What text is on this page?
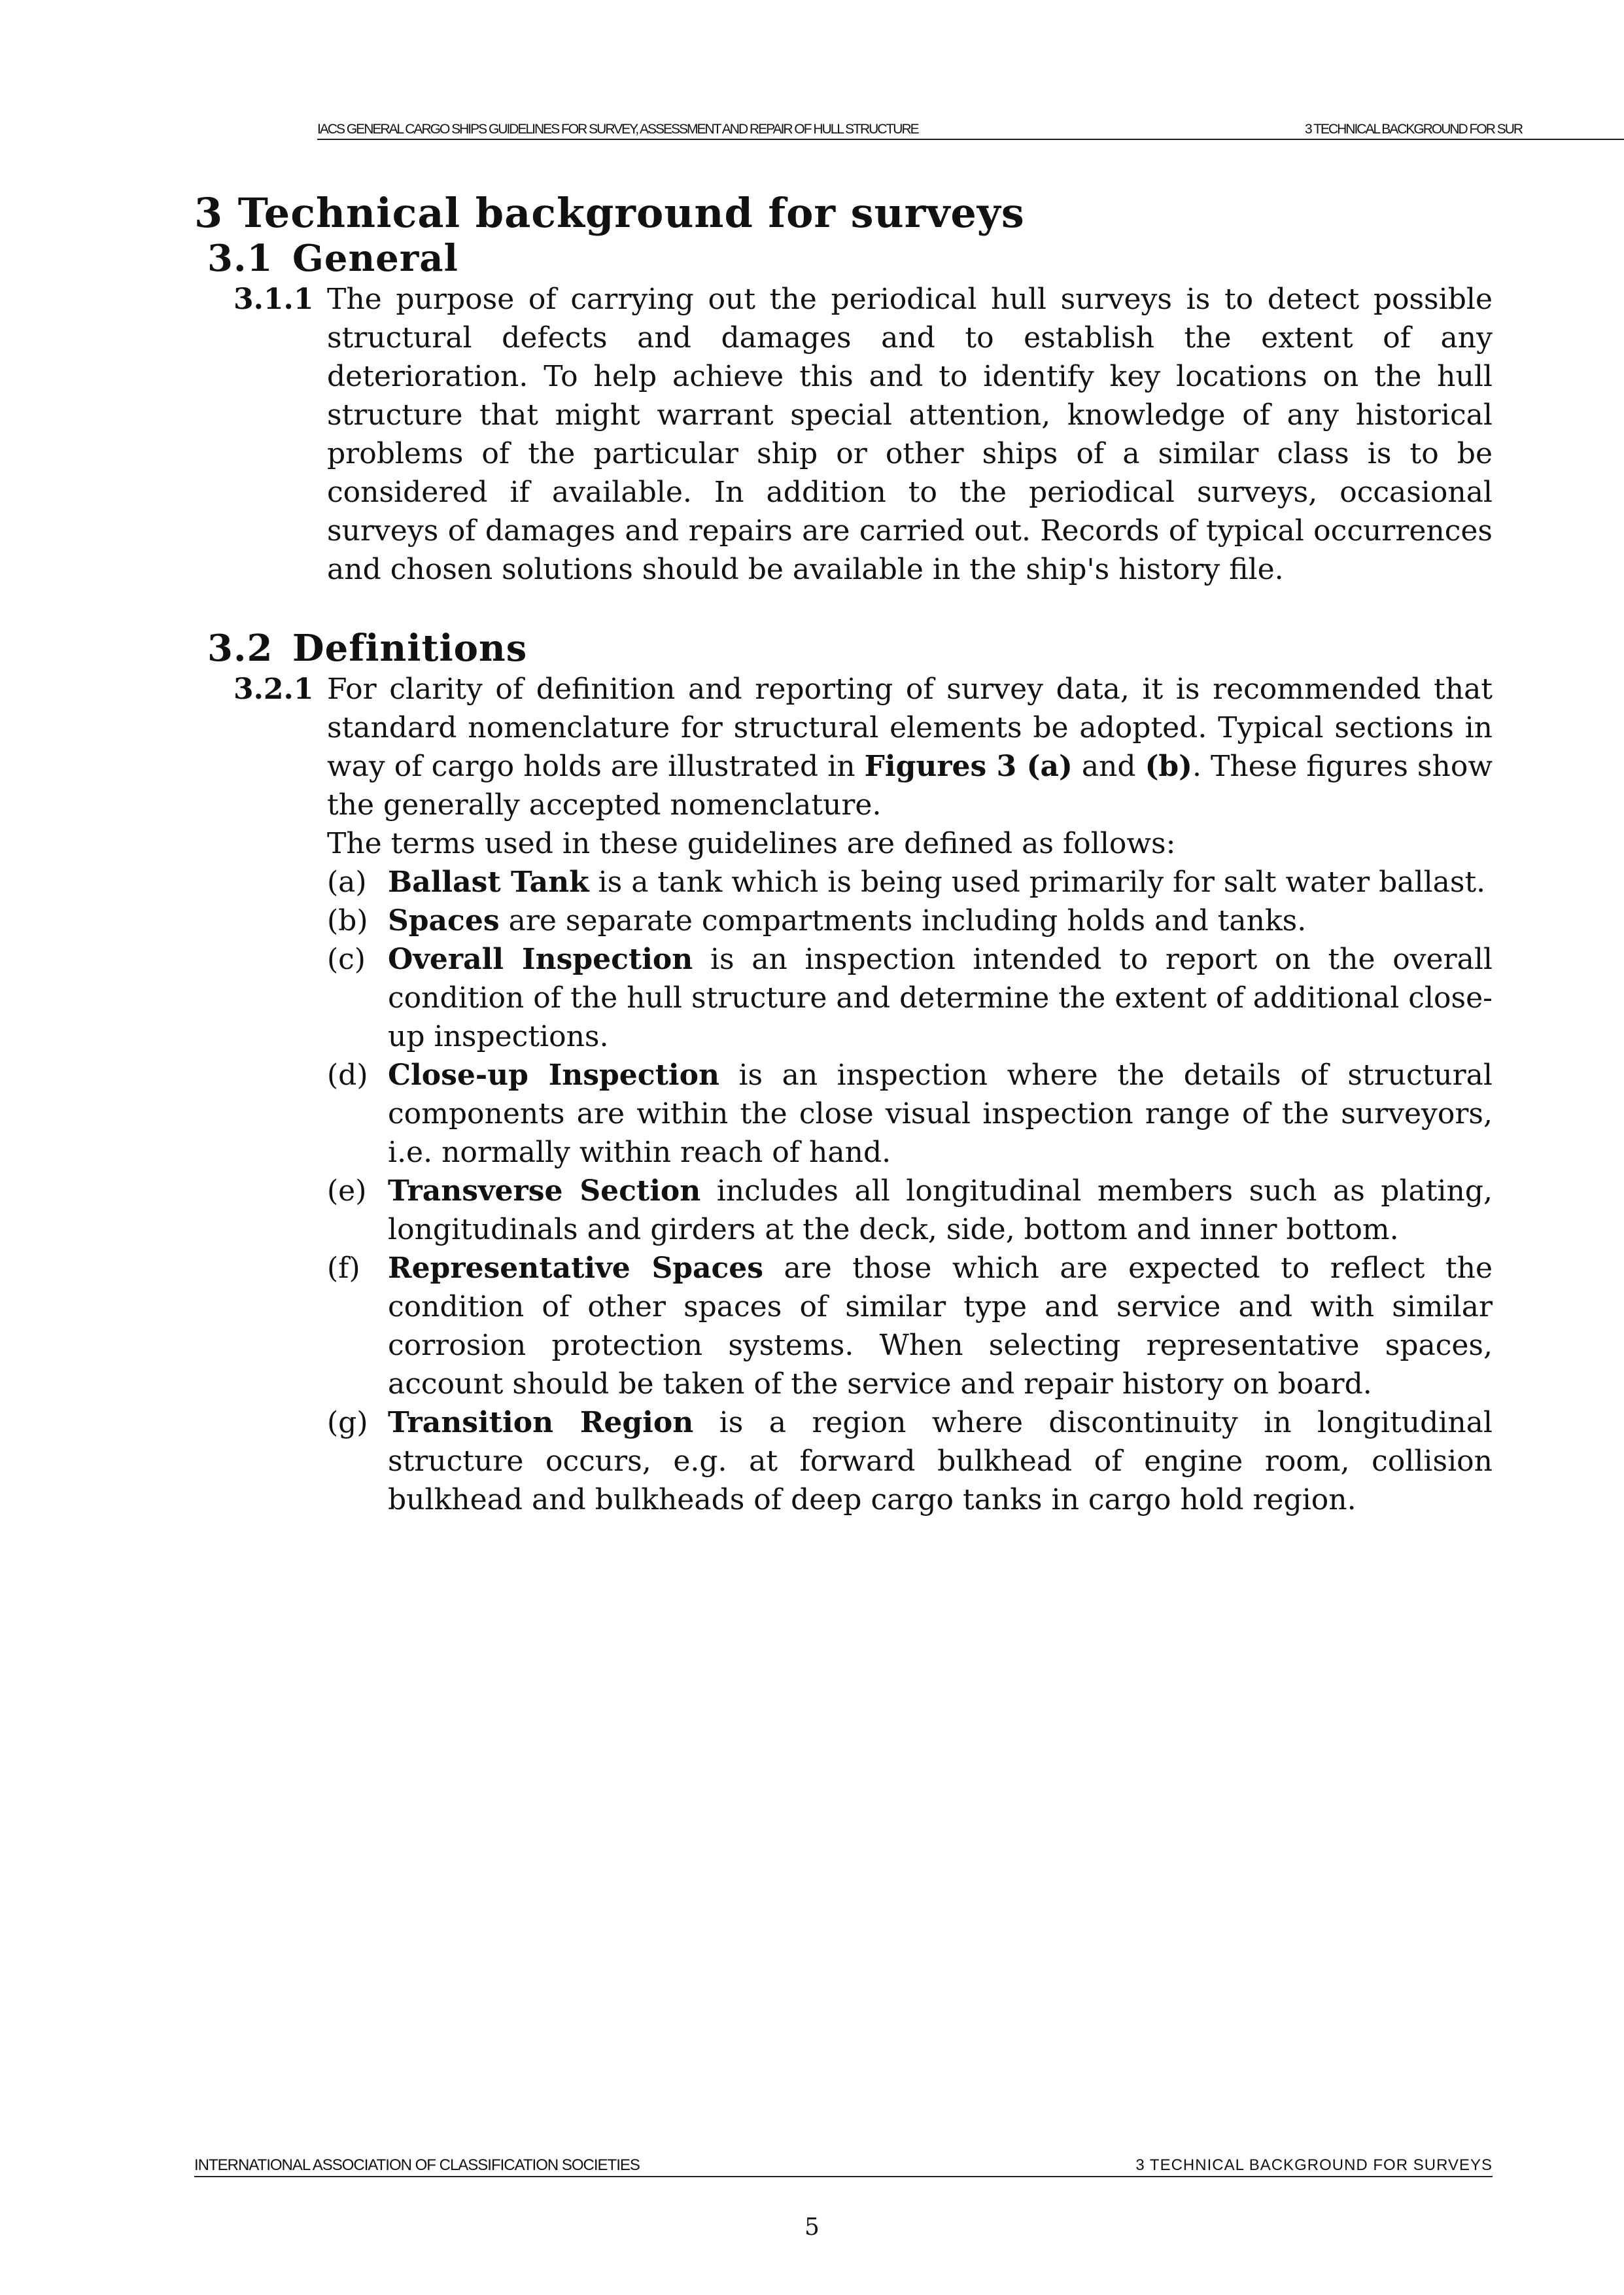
IACS GENERAL CARGO SHIPS GUIDELINES FOR SURVEY, ASSESSMENT AND REPAIR OF HULL STRUCTURE	3 TECHNICAL BACKGROUND FOR SUR
3 Technical background for surveys
3.1 General

3.1.1 The purpose of carrying out the periodical hull surveys is to detect possible structural defects and damages and to establish the extent of any deterioration. To help achieve this and to identify key locations on the hull structure that might warrant special attention, knowledge of any historical problems of the particular ship or other ships of a similar class is to be considered if available. In addition to the periodical surveys, occasional surveys of damages and repairs are carried out. Records of typical occurrences and chosen solutions should be available in the ship's history file.

3.2 Definitions

3.2.1 For clarity of definition and reporting of survey data, it is recommended that standard nomenclature for structural elements be adopted. Typical sections in way of cargo holds are illustrated in Figures 3 (a) and (b). These figures show the generally accepted nomenclature.

The terms used in these guidelines are defined as follows:

(a) Ballast Tank is a tank which is being used primarily for salt water ballast.
(b) Spaces are separate compartments including holds and tanks.
(c) Overall Inspection is an inspection intended to report on the overall condition of the hull structure and determine the extent of additional close-up inspections.
(d) Close-up Inspection is an inspection where the details of structural components are within the close visual inspection range of the surveyors, i.e. normally within reach of hand.
(e) Transverse Section includes all longitudinal members such as plating, longitudinals and girders at the deck, side, bottom and inner bottom.
(f) Representative Spaces are those which are expected to reflect the condition of other spaces of similar type and service and with similar corrosion protection systems. When selecting representative spaces, account should be taken of the service and repair history on board.
(g) Transition Region is a region where discontinuity in longitudinal structure occurs, e.g. at forward bulkhead of engine room, collision bulkhead and bulkheads of deep cargo tanks in cargo hold region.
INTERNATIONAL ASSOCIATION OF CLASSIFICATION SOCIETIES	3 TECHNICAL BACKGROUND FOR SURVEYS
5
